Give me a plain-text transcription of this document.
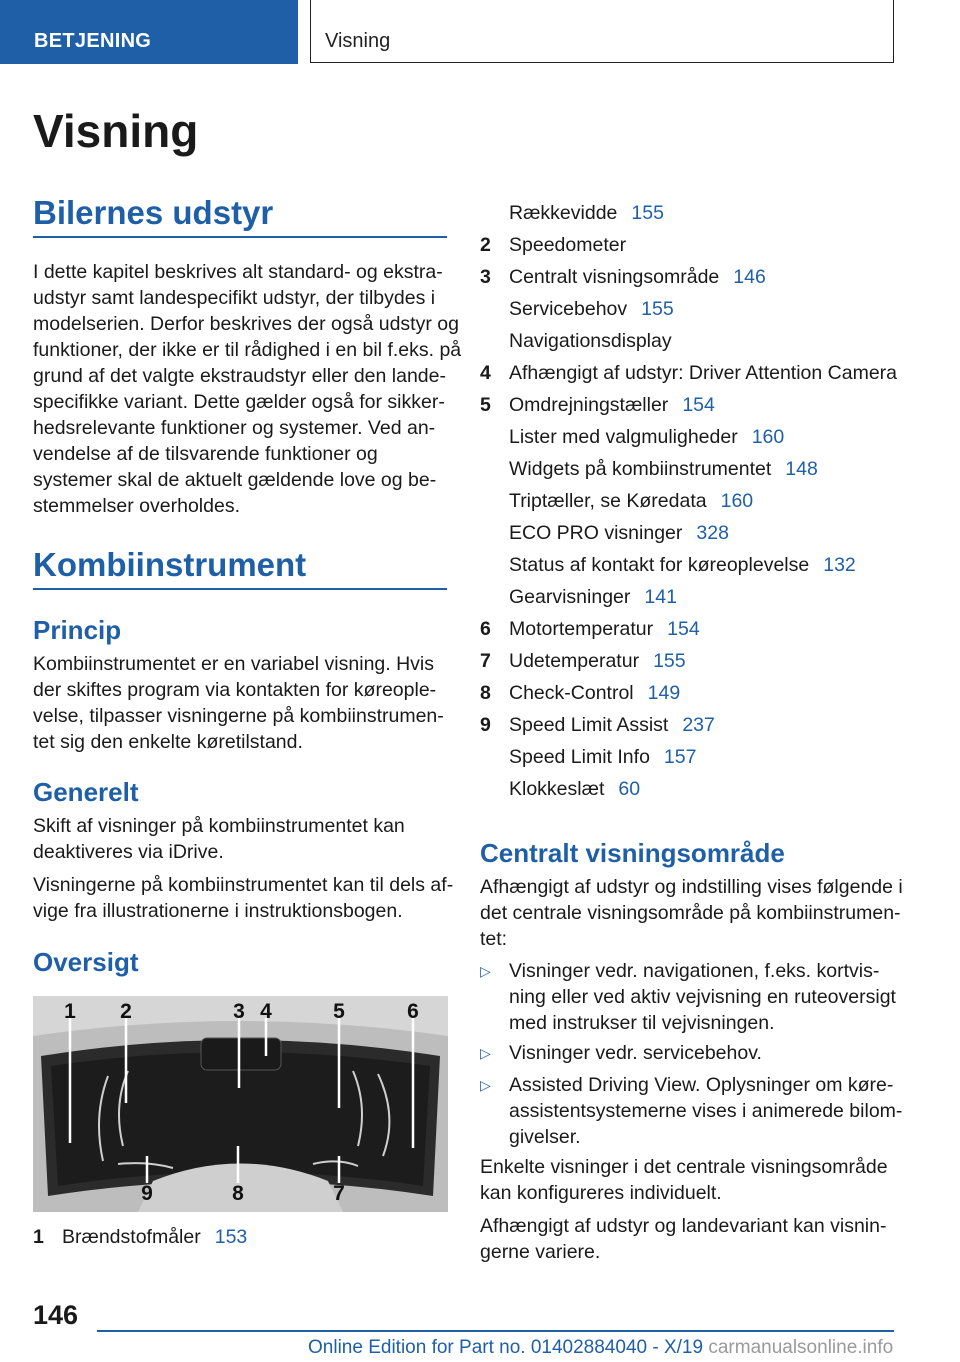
BETJENING	Visning
Visning
Bilernes udstyr
I dette kapitel beskrives alt standard- og ekstra-
udstyr samt landespecifikt udstyr, der tilbydes i
modelserien. Derfor beskrives der også udstyr og
funktioner, der ikke er til rådighed i en bil f.eks. på
grund af det valgte ekstraudstyr eller den lande-
specifikke variant. Dette gælder også for sikker-
hedsrelevante funktioner og systemer. Ved an-
vendelse af de tilsvarende funktioner og
systemer skal de aktuelt gældende love og be-
stemmelser overholdes.
Kombiinstrument
Princip
Kombiinstrumentet er en variabel visning. Hvis
der skiftes program via kontakten for køreople-
velse, tilpasser visningerne på kombiinstrumen-
tet sig den enkelte køretilstand.
Generelt
Skift af visninger på kombiinstrumentet kan
deaktiveres via iDrive.
Visningerne på kombiinstrumentet kan til dels af-
vige fra illustrationerne i instruktionsbogen.
Oversigt
1 2	3 4	5	6
9	8	7
1 Brændstofmåler 153
Rækkevidde 155
2 Speedometer
3 Centralt visningsområde 146
Servicebehov 155
Navigationsdisplay
4 Afhængigt af udstyr: Driver Attention Camera
5 Omdrejningstæller 154
Lister med valgmuligheder 160
Widgets på kombiinstrumentet 148
Triptæller, se Køredata 160
ECO PRO visninger 328
Status af kontakt for køreoplevelse 132
Gearvisninger 141
6 Motortemperatur 154
7 Udetemperatur 155
8 Check-Control 149
9 Speed Limit Assist 237
Speed Limit Info 157
Klokkeslæt 60
Centralt visningsområde
Afhængigt af udstyr og indstilling vises følgende i
det centrale visningsområde på kombiinstrumen-
tet:
▷ Visninger vedr. navigationen, f.eks. kortvis-
ning eller ved aktiv vejvisning en ruteoversigt
med instrukser til vejvisningen.
▷ Visninger vedr. servicebehov.
▷ Assisted Driving View. Oplysninger om køre-
assistentsystemerne vises i animerede bilom-
givelser.
Enkelte visninger i det centrale visningsområde
kan konfigureres individuelt.
Afhængigt af udstyr og landevariant kan visnin-
gerne variere.
146
Online Edition for Part no. 01402884040 - X/19 carmanualsonline.info
